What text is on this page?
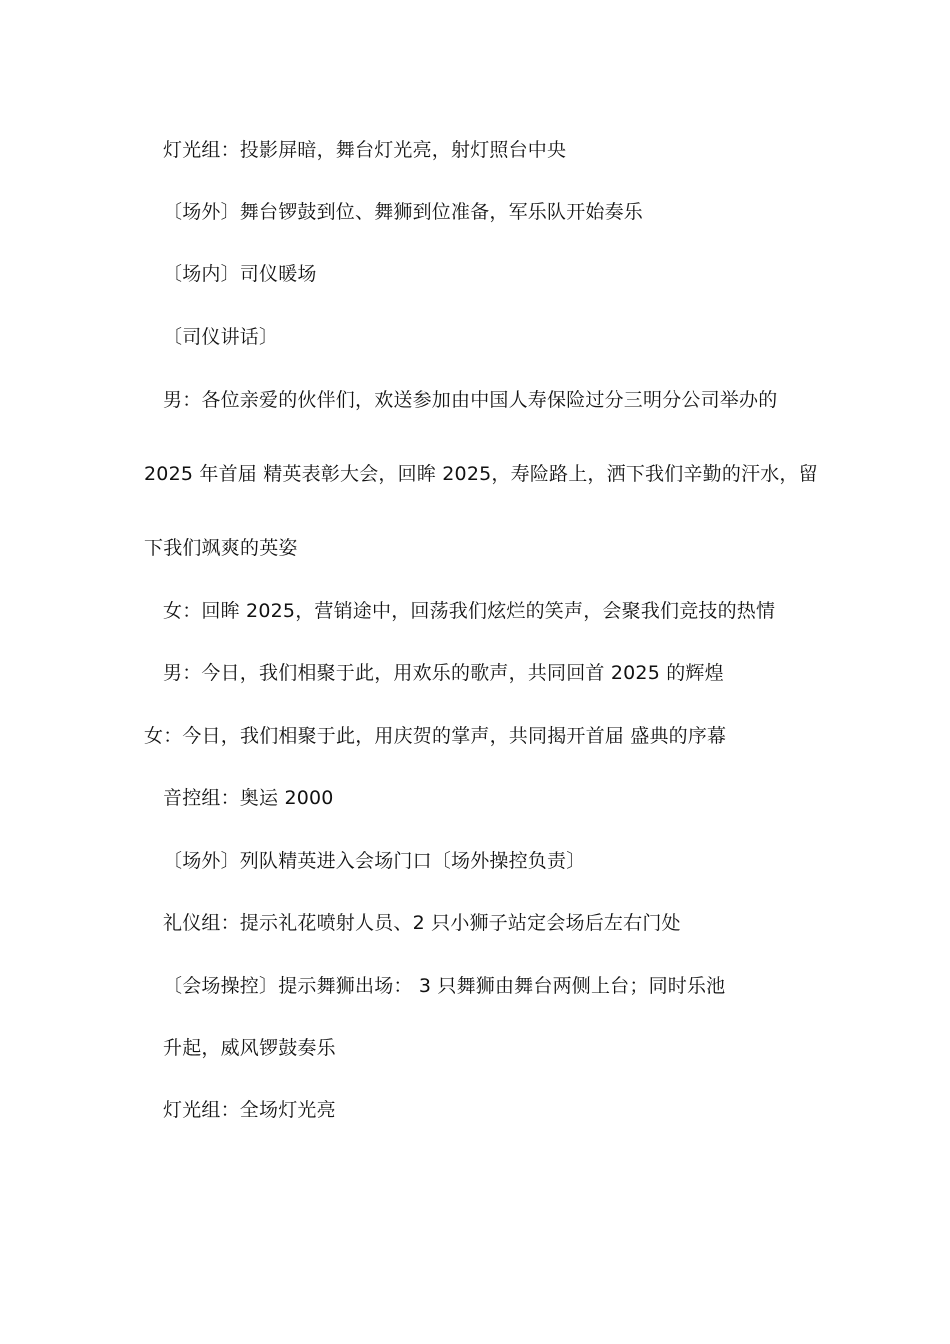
灯光组：投影屏暗，舞台灯光亮，射灯照台中央
〔场外〕舞台锣鼓到位、舞狮到位准备，军乐队开始奏乐
〔场内〕司仪暖场
〔司仪讲话〕
男：各位亲爱的伙伴们，欢送参加由中国人寿保险过分三明分公司举办的
2025 年首届 精英表彰大会，回眸 2025，寿险路上，洒下我们辛勤的汗水，留
下我们飒爽的英姿
女：回眸 2025，营销途中，回荡我们炫烂的笑声，会聚我们竞技的热情
男：今日，我们相聚于此，用欢乐的歌声，共同回首 2025 的辉煌
女：今日，我们相聚于此，用庆贺的掌声，共同揭开首届 盛典的序幕
音控组：奥运 2000
〔场外〕列队精英进入会场门口〔场外操控负责〕
礼仪组：提示礼花喷射人员、2 只小狮子站定会场后左右门处
〔会场操控〕提示舞狮出场： 3 只舞狮由舞台两侧上台；同时乐池
升起，威风锣鼓奏乐
灯光组：全场灯光亮
